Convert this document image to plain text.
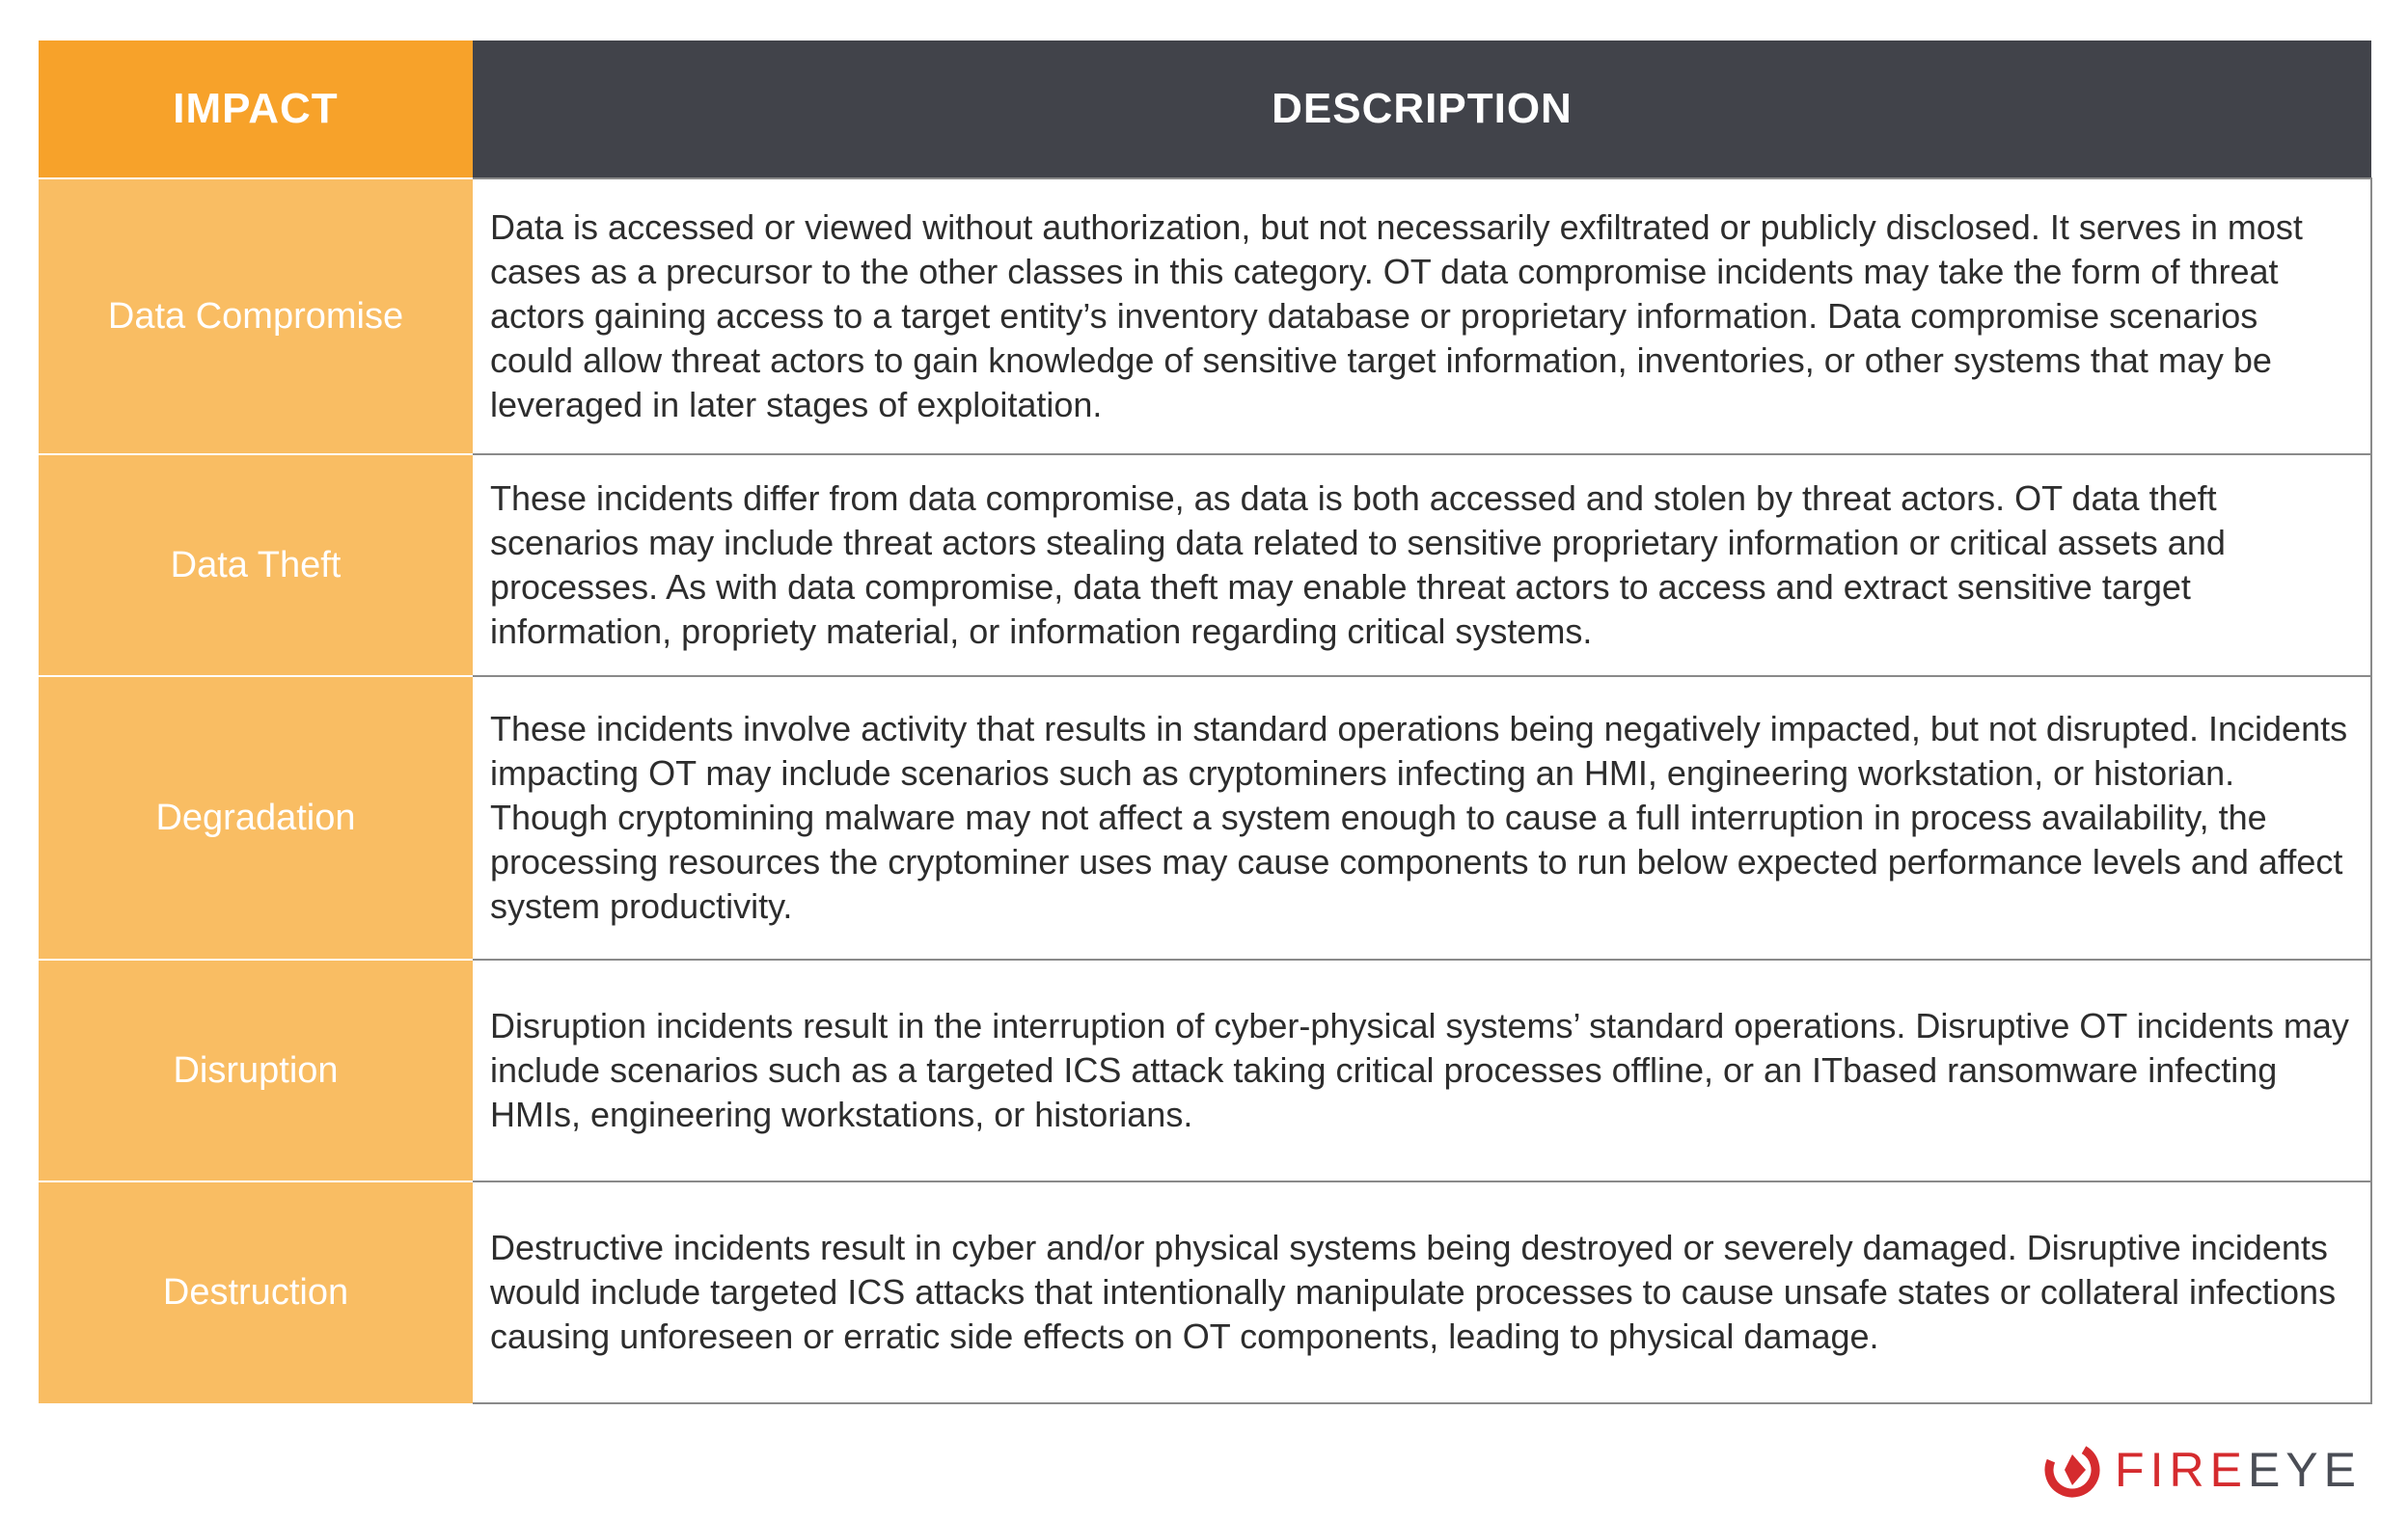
IMPACT	DESCRIPTION
Data Compromise	Data is accessed or viewed without authorization, but not necessarily exfiltrated or publicly disclosed. It serves in most cases as a precursor to the other classes in this category. OT data compromise incidents may take the form of threat actors gaining access to a target entity’s inventory database or proprietary information. Data compromise scenarios could allow threat actors to gain knowledge of sensitive target information, inventories, or other systems that may be leveraged in later stages of exploitation.
Data Theft	These incidents differ from data compromise, as data is both accessed and stolen by threat actors. OT data theft scenarios may include threat actors stealing data related to sensitive proprietary information or critical assets and processes. As with data compromise, data theft may enable threat actors to access and extract sensitive target information, propriety material, or information regarding critical systems.
Degradation	These incidents involve activity that results in standard operations being negatively impacted, but not disrupted. Incidents impacting OT may include scenarios such as cryptominers infecting an HMI, engineering workstation, or historian. Though cryptomining malware may not affect a system enough to cause a full interruption in process availability, the processing resources the cryptominer uses may cause components to run below expected performance levels and affect system productivity.
Disruption	Disruption incidents result in the interruption of cyber-physical systems’ standard operations. Disruptive OT incidents may include scenarios such as a targeted ICS attack taking critical processes offline, or an ITbased ransomware infecting HMIs, engineering workstations, or historians.
Destruction	Destructive incidents result in cyber and/or physical systems being destroyed or severely damaged. Disruptive incidents would include targeted ICS attacks that intentionally manipulate processes to cause unsafe states or collateral infections causing unforeseen or erratic side effects on OT components, leading to physical damage.
FIREEYE
